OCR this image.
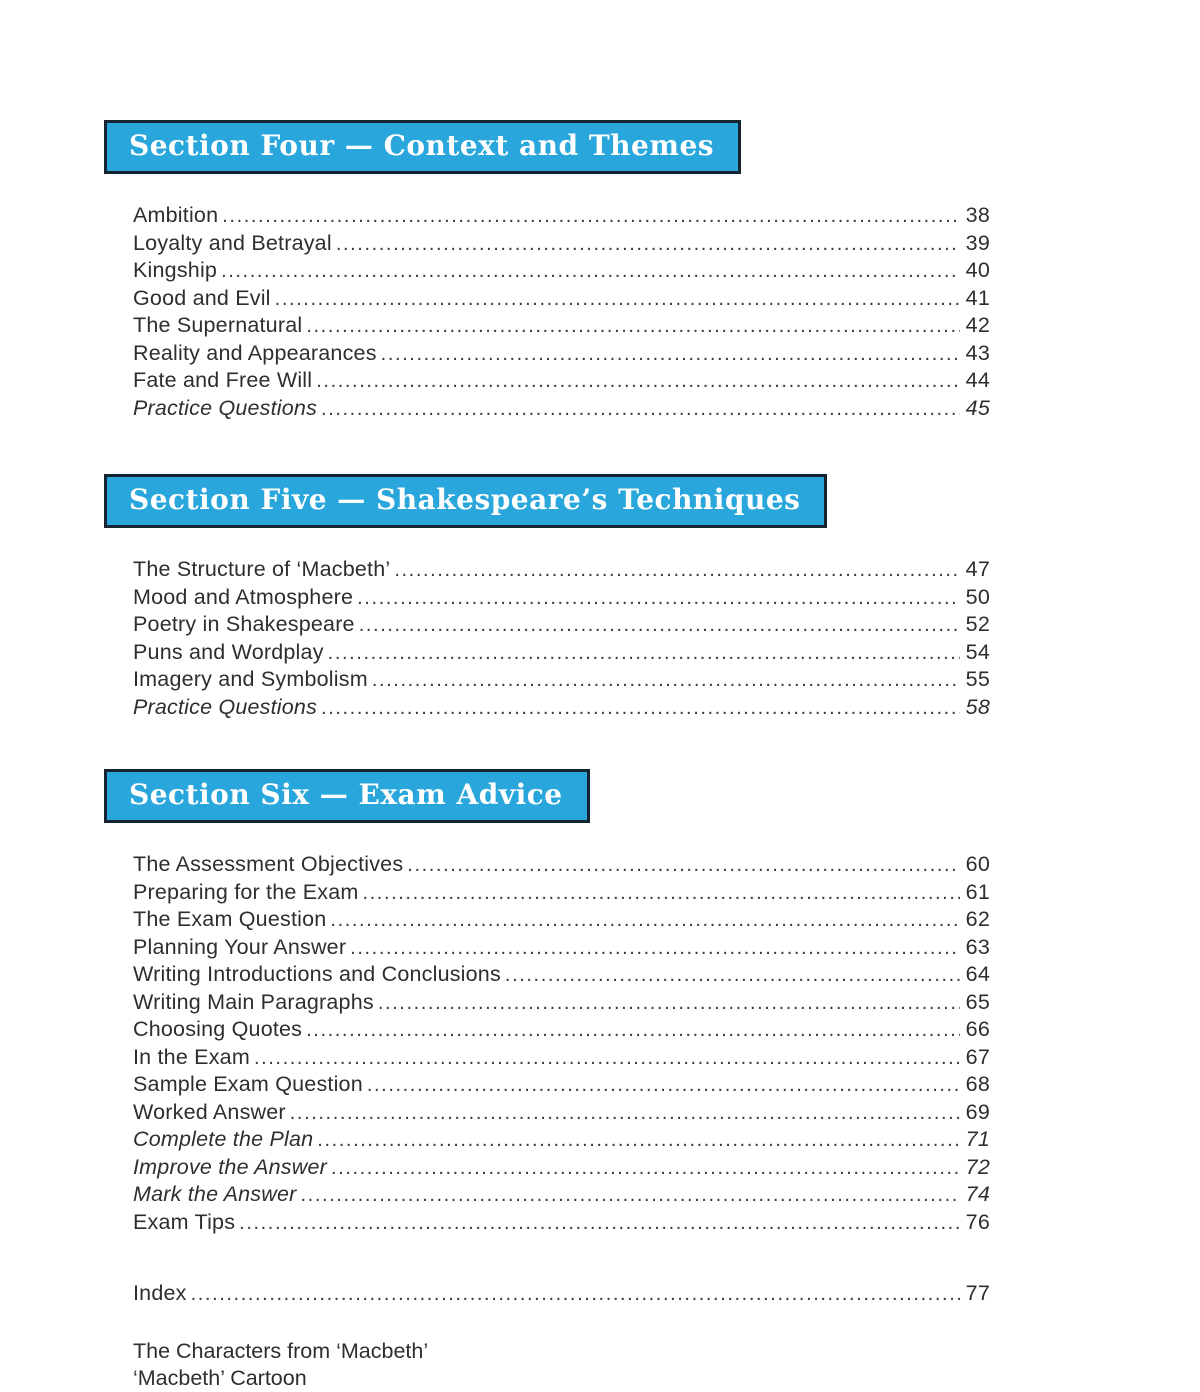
Section Four — Context and Themes
Ambition .....	38
Loyalty and Betrayal .....	39
Kingship .....	40
Good and Evil .....	41
The Supernatural .....	42
Reality and Appearances .....	43
Fate and Free Will .....	44
Practice Questions .....	45
Section Five — Shakespeare’s Techniques
The Structure of ‘Macbeth’ .....	47
Mood and Atmosphere .....	50
Poetry in Shakespeare .....	52
Puns and Wordplay .....	54
Imagery and Symbolism .....	55
Practice Questions .....	58
Section Six — Exam Advice
The Assessment Objectives .....	60
Preparing for the Exam .....	61
The Exam Question .....	62
Planning Your Answer .....	63
Writing Introductions and Conclusions .....	64
Writing Main Paragraphs .....	65
Choosing Quotes .....	66
In the Exam .....	67
Sample Exam Question .....	68
Worked Answer .....	69
Complete the Plan .....	71
Improve the Answer .....	72
Mark the Answer .....	74
Exam Tips .....	76
Index .....	77
The Characters from ‘Macbeth’
‘Macbeth’ Cartoon
